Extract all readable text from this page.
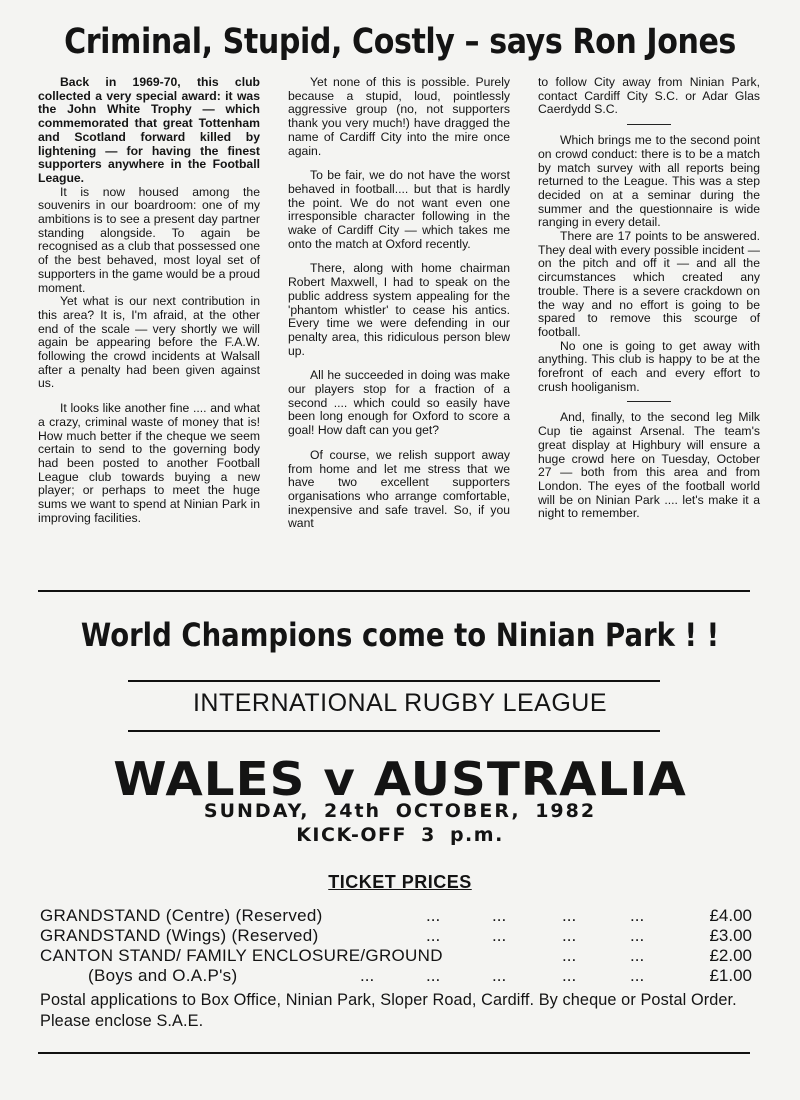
Criminal, Stupid, Costly – says Ron Jones

Back in 1969-70, this club collected a very special award: it was the John White Trophy — which commemorated that great Tottenham and Scotland forward killed by lightening — for having the finest supporters anywhere in the Football League.

It is now housed among the souvenirs in our boardroom: one of my ambitions is to see a present day partner standing alongside. To again be recognised as a club that possessed one of the best behaved, most loyal set of supporters in the game would be a proud moment.

Yet what is our next contribution in this area? It is, I'm afraid, at the other end of the scale — very shortly we will again be appearing before the F.A.W. following the crowd incidents at Walsall after a penalty had been given against us.

It looks like another fine .... and what a crazy, criminal waste of money that is! How much better if the cheque we seem certain to send to the governing body had been posted to another Football League club towards buying a new player; or perhaps to meet the huge sums we want to spend at Ninian Park in improving facilities.

Yet none of this is possible. Purely because a stupid, loud, pointlessly aggressive group (no, not supporters thank you very much!) have dragged the name of Cardiff City into the mire once again.

To be fair, we do not have the worst behaved in football.... but that is hardly the point. We do not want even one irresponsible character following in the wake of Cardiff City — which takes me onto the match at Oxford recently.

There, along with home chairman Robert Maxwell, I had to speak on the public address system appealing for the 'phantom whistler' to cease his antics. Every time we were defending in our penalty area, this ridiculous person blew up.

All he succeeded in doing was make our players stop for a fraction of a second .... which could so easily have been long enough for Oxford to score a goal! How daft can you get?

Of course, we relish support away from home and let me stress that we have two excellent supporters organisations who arrange comfortable, inexpensive and safe travel. So, if you want

to follow City away from Ninian Park, contact Cardiff City S.C. or Adar Glas Caerdydd S.C.

Which brings me to the second point on crowd conduct: there is to be a match by match survey with all reports being returned to the League. This was a step decided on at a seminar during the summer and the questionnaire is wide ranging in every detail.

There are 17 points to be answered. They deal with every possible incident — on the pitch and off it — and all the circumstances which created any trouble. There is a severe crackdown on the way and no effort is going to be spared to remove this scourge of football.

No one is going to get away with anything. This club is happy to be at the forefront of each and every effort to crush hooliganism.

And, finally, to the second leg Milk Cup tie against Arsenal. The team's great display at Highbury will ensure a huge crowd here on Tuesday, October 27 — both from this area and from London. The eyes of the football world will be on Ninian Park .... let's make it a night to remember.

World Champions come to Ninian Park ! !
INTERNATIONAL RUGBY LEAGUE
WALES v AUSTRALIA
SUNDAY, 24th OCTOBER, 1982
KICK-OFF 3 p.m.
TICKET PRICES
GRANDSTAND (Centre) (Reserved)	...	...	...	...	£4.00
GRANDSTAND (Wings) (Reserved)	...	...	...	...	£3.00
CANTON STAND/ FAMILY ENCLOSURE/GROUND	...	...	£2.00
(Boys and O.A.P's)	...	...	...	...	...	£1.00
Postal applications to Box Office, Ninian Park, Sloper Road, Cardiff. By cheque or Postal Order. Please enclose S.A.E.
